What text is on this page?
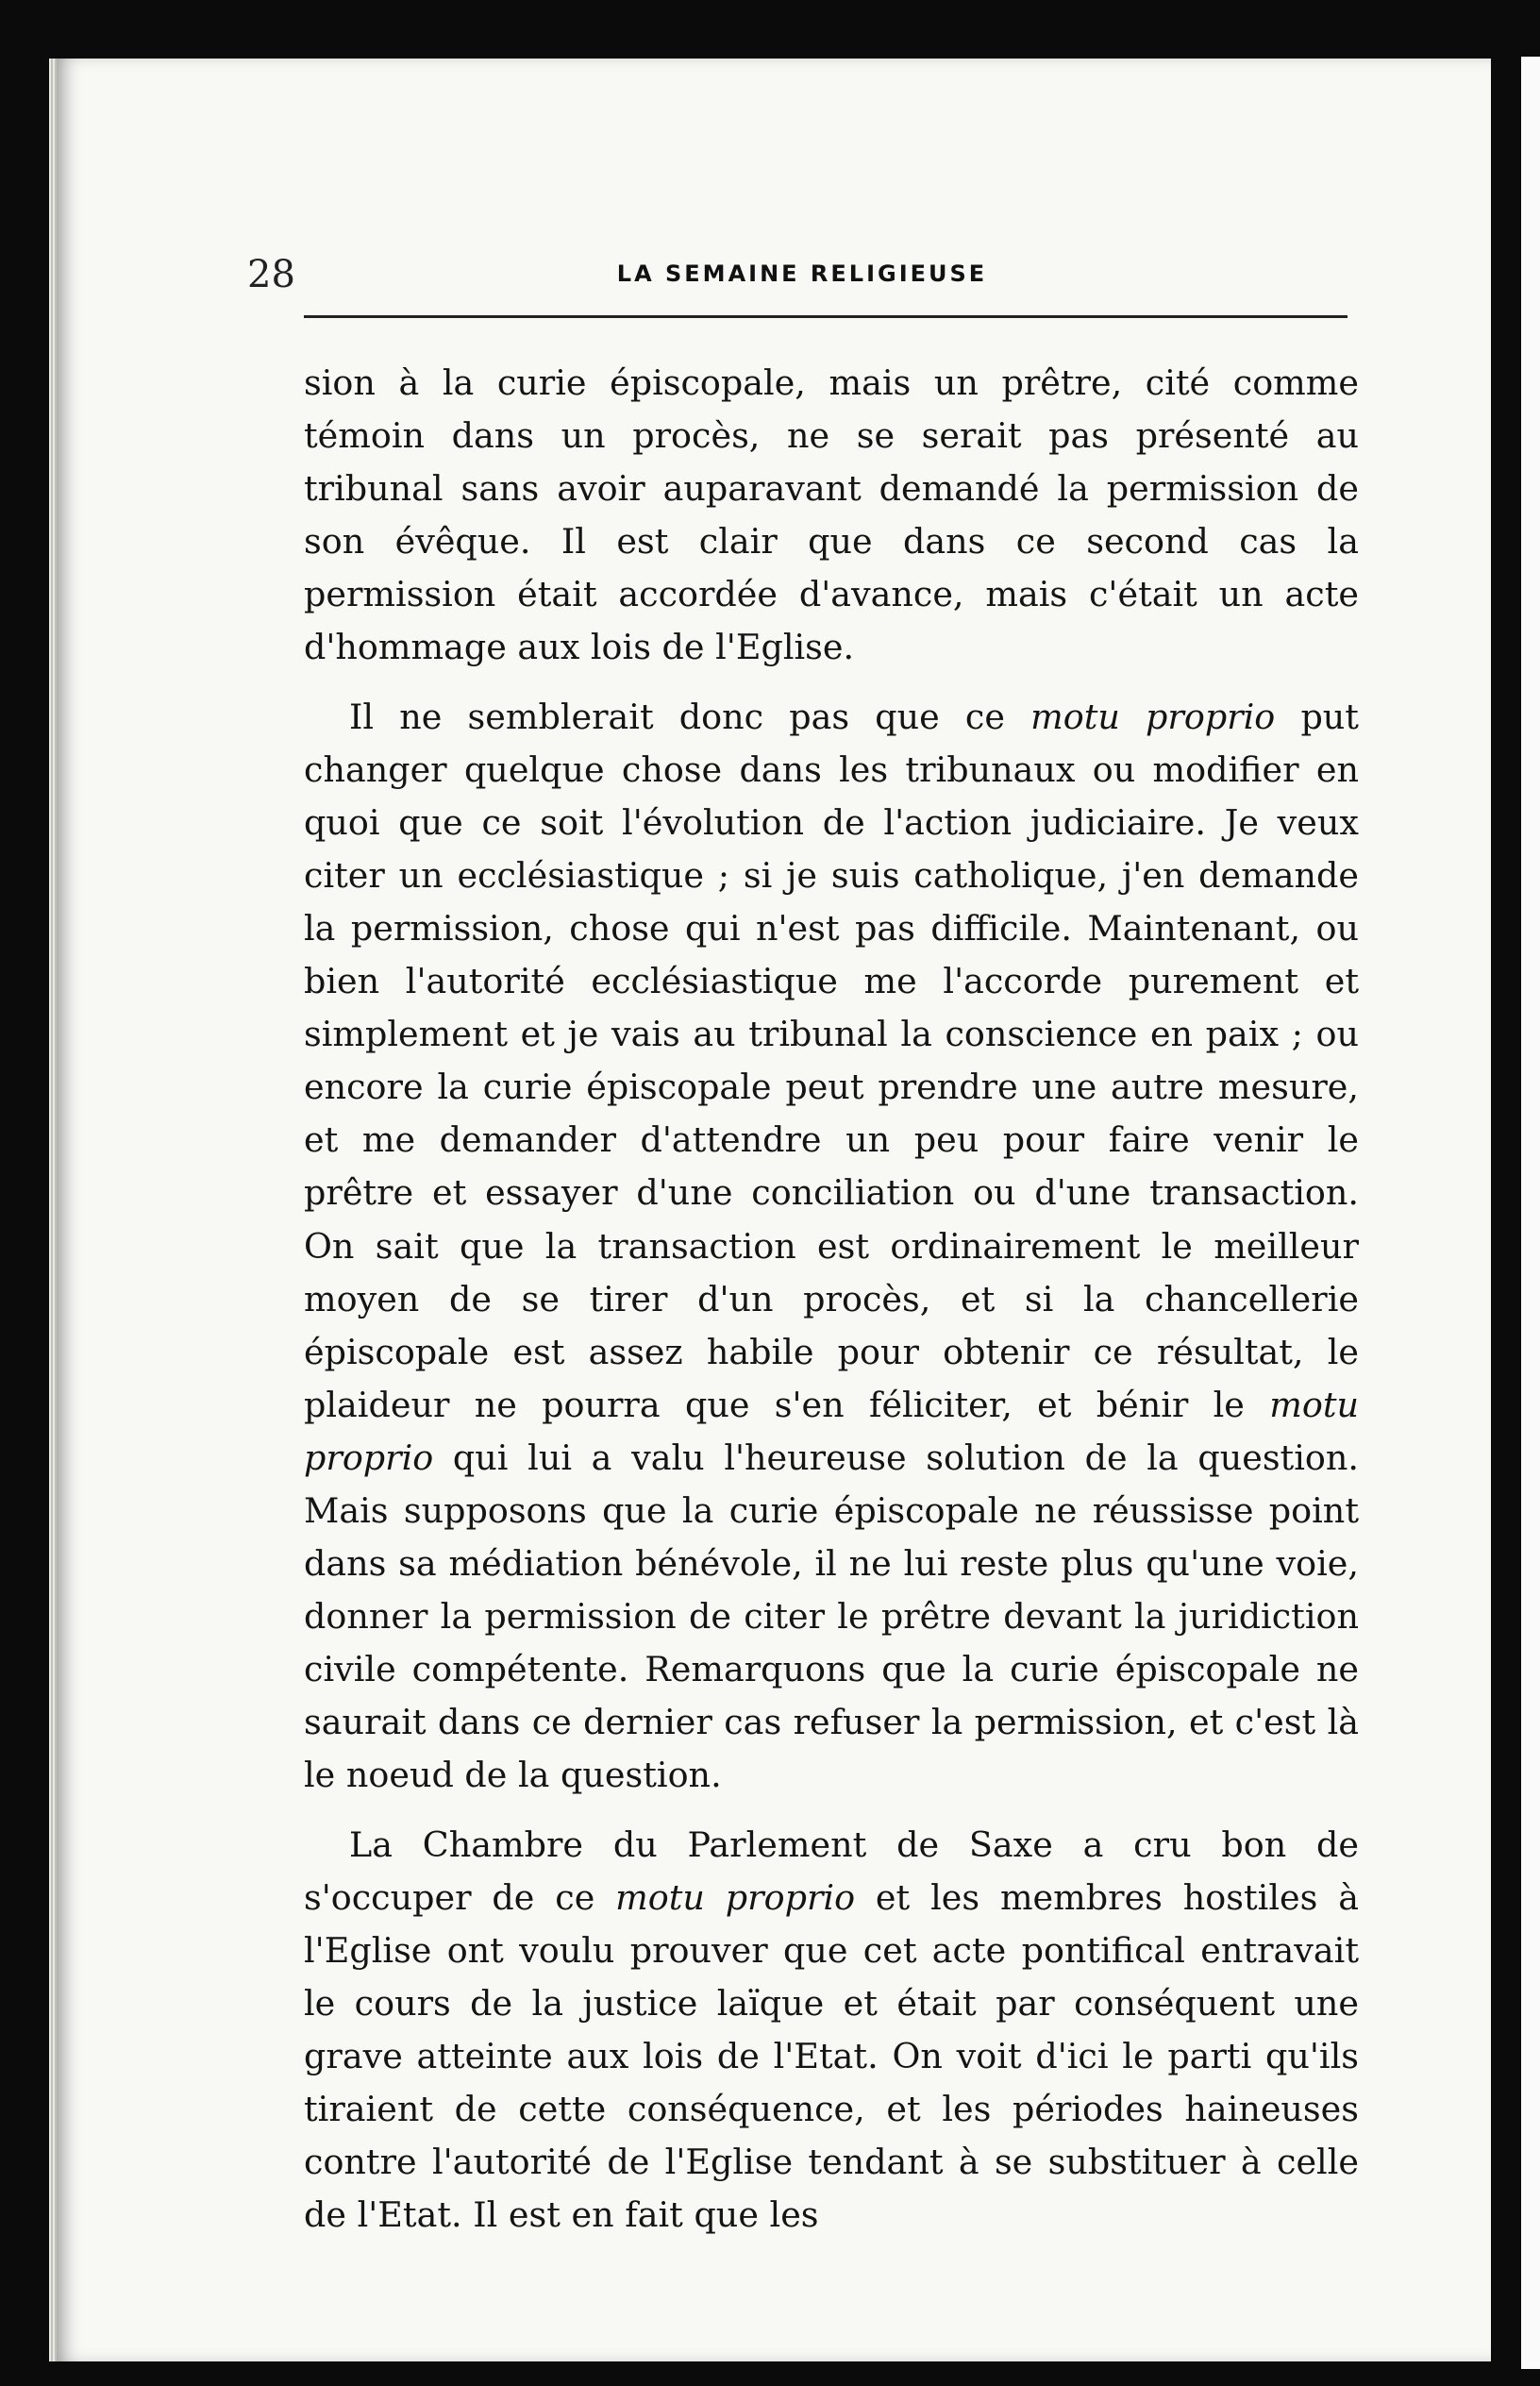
28	LA SEMAINE RELIGIEUSE

sion à la curie épiscopale, mais un prêtre, cité comme témoin dans un procès, ne se serait pas présenté au tribunal sans avoir auparavant demandé la permission de son évêque. Il est clair que dans ce second cas la permission était accordée d'avance, mais c'était un acte d'hommage aux lois de l'Eglise.

Il ne semblerait donc pas que ce motu proprio put changer quelque chose dans les tribunaux ou modifier en quoi que ce soit l'évolution de l'action judiciaire. Je veux citer un ecclésiastique ; si je suis catholique, j'en demande la permission, chose qui n'est pas difficile. Maintenant, ou bien l'autorité ecclésiastique me l'accorde purement et simplement et je vais au tribunal la conscience en paix ; ou encore la curie épiscopale peut prendre une autre mesure, et me demander d'attendre un peu pour faire venir le prêtre et essayer d'une conciliation ou d'une transaction. On sait que la transaction est ordinairement le meilleur moyen de se tirer d'un procès, et si la chancellerie épiscopale est assez habile pour obtenir ce résultat, le plaideur ne pourra que s'en féliciter, et bénir le motu proprio qui lui a valu l'heureuse solution de la question. Mais supposons que la curie épiscopale ne réussisse point dans sa médiation bénévole, il ne lui reste plus qu'une voie, donner la permission de citer le prêtre devant la juridiction civile compétente. Remarquons que la curie épiscopale ne saurait dans ce dernier cas refuser la permission, et c'est là le noeud de la question.

La Chambre du Parlement de Saxe a cru bon de s'occuper de ce motu proprio et les membres hostiles à l'Eglise ont voulu prouver que cet acte pontifical entravait le cours de la justice laïque et était par conséquent une grave atteinte aux lois de l'Etat. On voit d'ici le parti qu'ils tiraient de cette conséquence, et les périodes haineuses contre l'autorité de l'Eglise tendant à se substituer à celle de l'Etat. Il est en fait que les
